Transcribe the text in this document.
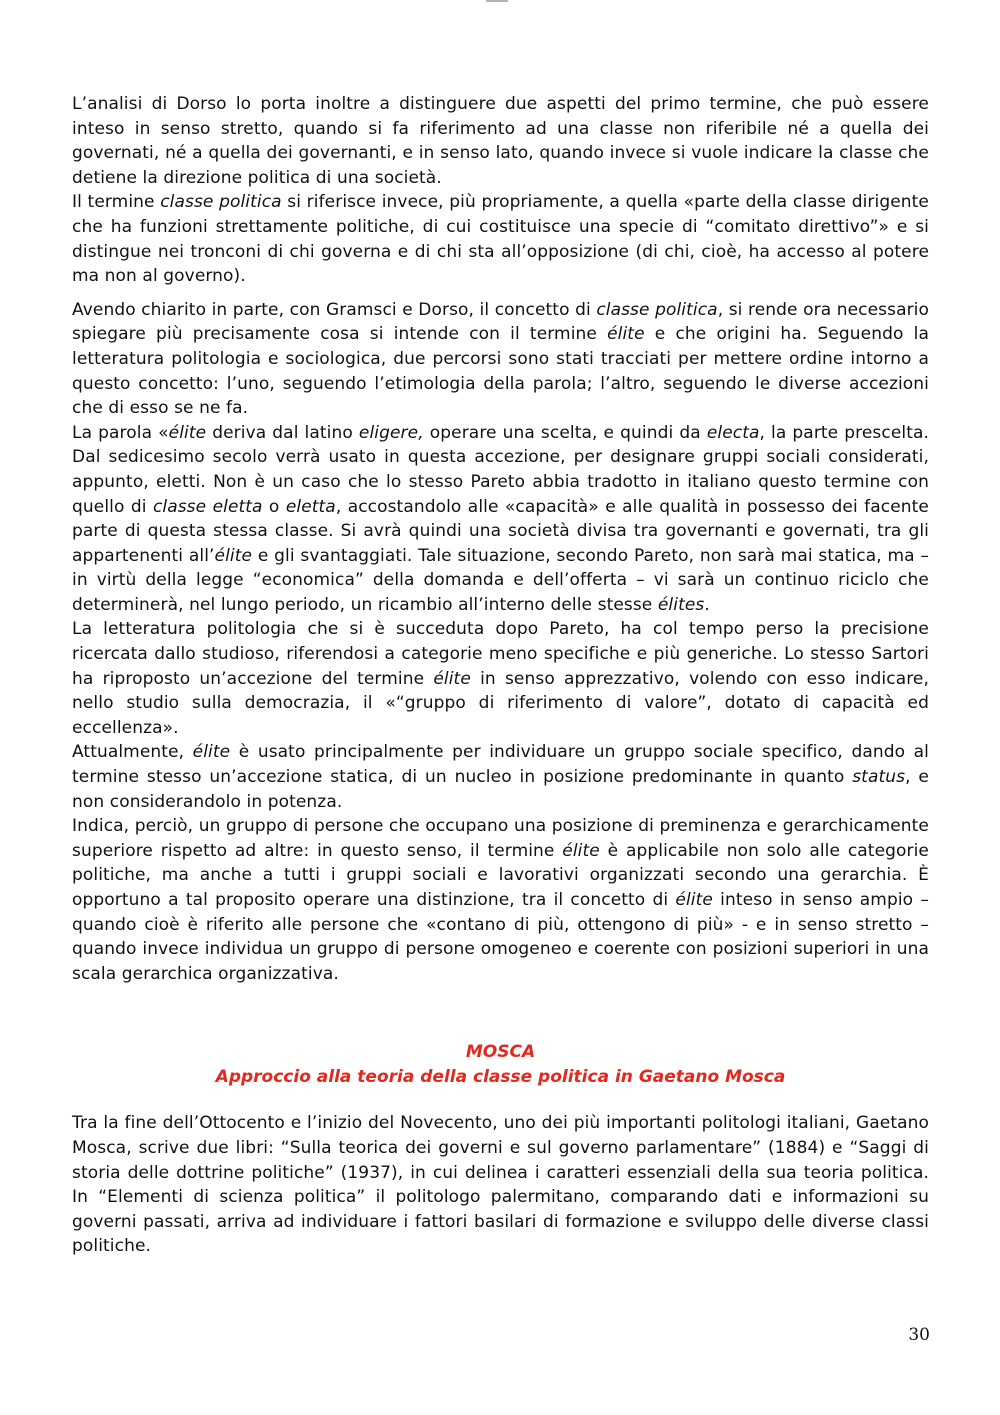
L’analisi di Dorso lo porta inoltre a distinguere due aspetti del primo termine, che può essere inteso in senso stretto, quando si fa riferimento ad una classe non riferibile né a quella dei governati, né a quella dei governanti, e in senso lato, quando invece si vuole indicare la classe che detiene la direzione politica di una società.

Il termine classe politica si riferisce invece, più propriamente, a quella «parte della classe dirigente che ha funzioni strettamente politiche, di cui costituisce una specie di “comitato direttivo”» e si distingue nei tronconi di chi governa e di chi sta all’opposizione (di chi, cioè, ha accesso al potere ma non al governo).

Avendo chiarito in parte, con Gramsci e Dorso, il concetto di classe politica, si rende ora necessario spiegare più precisamente cosa si intende con il termine élite e che origini ha. Seguendo la letteratura politologia e sociologica, due percorsi sono stati tracciati per mettere ordine intorno a questo concetto: l’uno, seguendo l’etimologia della parola; l’altro, seguendo le diverse accezioni che di esso se ne fa.

La parola «élite deriva dal latino eligere, operare una scelta, e quindi da electa, la parte prescelta. Dal sedicesimo secolo verrà usato in questa accezione, per designare gruppi sociali considerati, appunto, eletti. Non è un caso che lo stesso Pareto abbia tradotto in italiano questo termine con quello di classe eletta o eletta, accostandolo alle «capacità» e alle qualità in possesso dei facente parte di questa stessa classe. Si avrà quindi una società divisa tra governanti e governati, tra gli appartenenti all’élite e gli svantaggiati. Tale situazione, secondo Pareto, non sarà mai statica, ma – in virtù della legge “economica” della domanda e dell’offerta – vi sarà un continuo riciclo che determinerà, nel lungo periodo, un ricambio all’interno delle stesse élites.

La letteratura politologia che si è succeduta dopo Pareto, ha col tempo perso la precisione ricercata dallo studioso, riferendosi a categorie meno specifiche e più generiche. Lo stesso Sartori ha riproposto un’accezione del termine élite in senso apprezzativo, volendo con esso indicare, nello studio sulla democrazia, il «“gruppo di riferimento di valore”, dotato di capacità ed eccellenza».

Attualmente, élite è usato principalmente per individuare un gruppo sociale specifico, dando al termine stesso un’accezione statica, di un nucleo in posizione predominante in quanto status, e non considerandolo in potenza.

Indica, perciò, un gruppo di persone che occupano una posizione di preminenza e gerarchicamente superiore rispetto ad altre: in questo senso, il termine élite è applicabile non solo alle categorie politiche, ma anche a tutti i gruppi sociali e lavorativi organizzati secondo una gerarchia. È opportuno a tal proposito operare una distinzione, tra il concetto di élite inteso in senso ampio – quando cioè è riferito alle persone che «contano di più, ottengono di più» - e in senso stretto – quando invece individua un gruppo di persone omogeneo e coerente con posizioni superiori in una scala gerarchica organizzativa.

MOSCA
Approccio alla teoria della classe politica in Gaetano Mosca

Tra la fine dell’Ottocento e l’inizio del Novecento, uno dei più importanti politologi italiani, Gaetano Mosca, scrive due libri: “Sulla teorica dei governi e sul governo parlamentare” (1884) e “Saggi di storia delle dottrine politiche” (1937), in cui delinea i caratteri essenziali della sua teoria politica. In “Elementi di scienza politica” il politologo palermitano, comparando dati e informazioni su governi passati, arriva ad individuare i fattori basilari di formazione e sviluppo delle diverse classi politiche.

30
